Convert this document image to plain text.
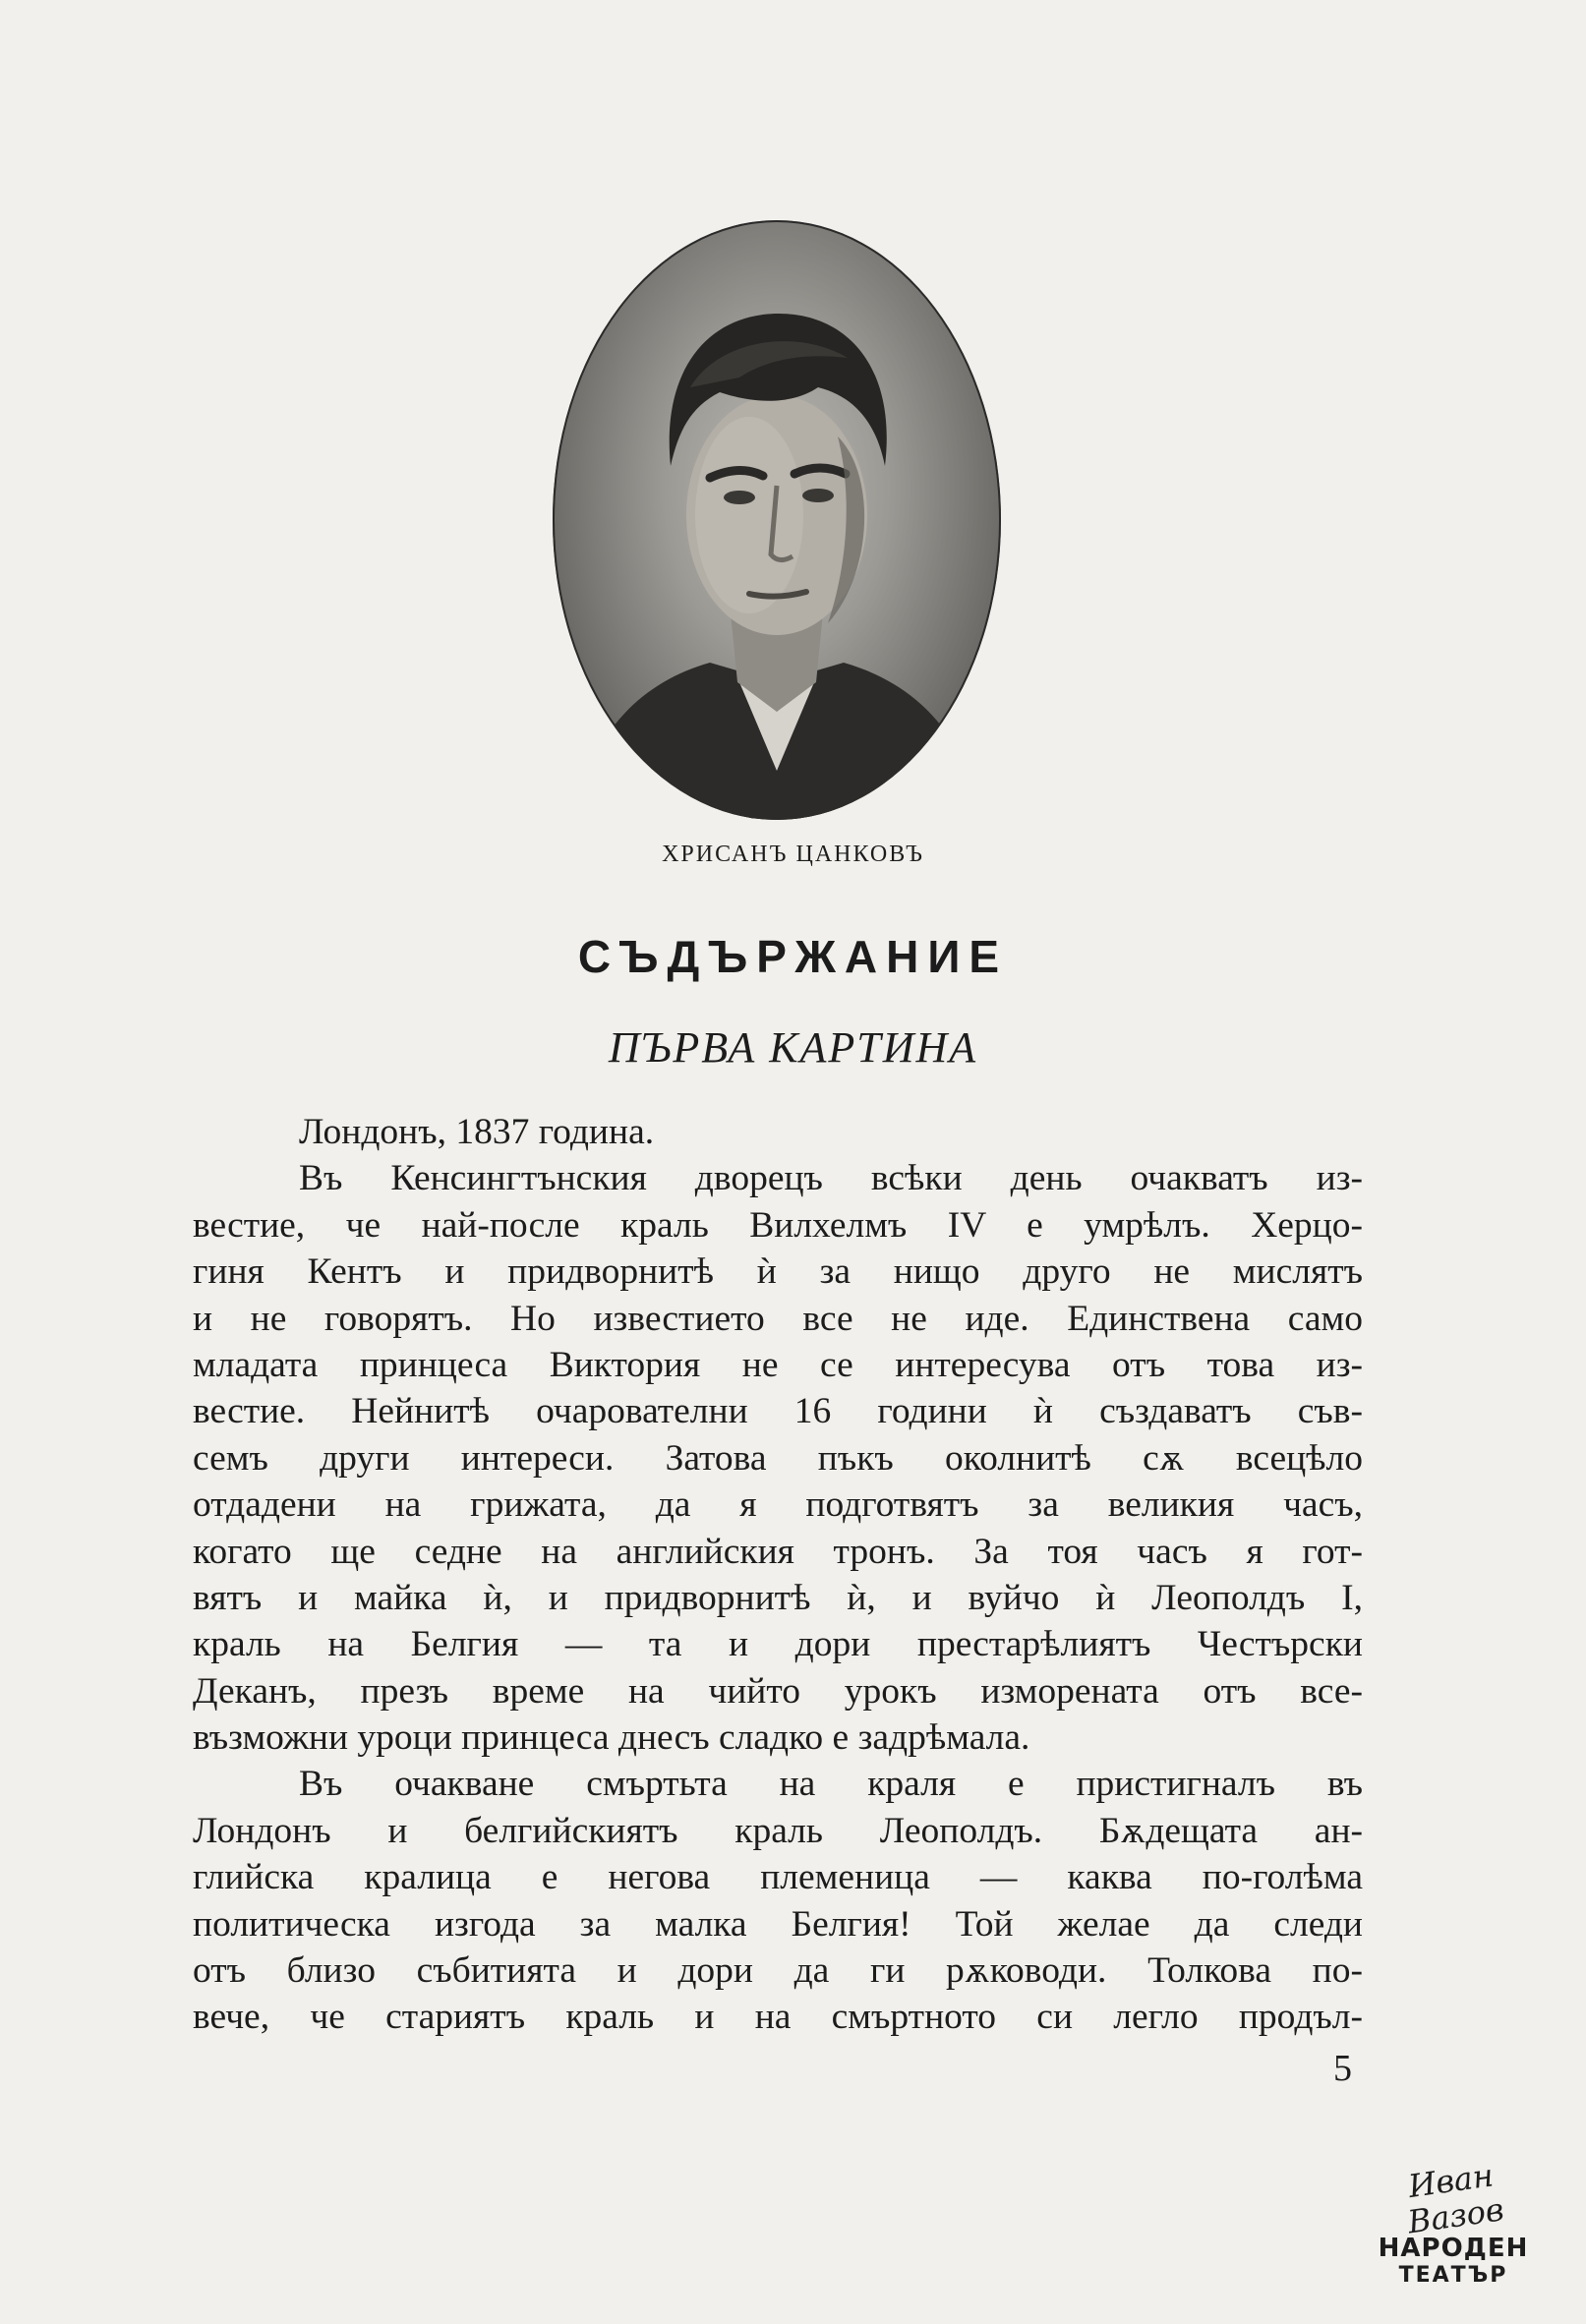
ХРИСАНЪ ЦАНКОВЪ
СЪДЪРЖАНИЕ
ПЪРВА КАРТИНА
Лондонъ, 1837 година.
Въ Кенсингтънския дворецъ всѣки день очакватъ из-
вестие, че най-после краль Вилхелмъ IV е умрѣлъ. Херцо-
гиня Кентъ и придворнитѣ ѝ за нищо друго не мислятъ
и не говорятъ. Но известието все не иде. Единствена само
младата принцеса Виктория не се интересува отъ това из-
вестие. Нейнитѣ очарователни 16 години ѝ създаватъ съв-
семъ други интереси. Затова пъкъ околнитѣ сѫ всецѣло
отдадени на грижата, да я подготвятъ за великия часъ,
когато ще седне на английския тронъ. За тоя часъ я гот-
вятъ и майка ѝ, и придворнитѣ ѝ, и вуйчо ѝ Леополдъ I,
краль на Белгия — та и дори престарѣлиятъ Честърски
Деканъ, презъ време на чийто урокъ изморената отъ все-
възможни уроци принцеса днесъ сладко е задрѣмала.
Въ очакване смъртьта на краля е пристигналъ въ
Лондонъ и белгийскиятъ краль Леополдъ. Бѫдещата ан-
глийска кралица е негова племеница — каква по-голѣма
политическа изгода за малка Белгия! Той желае да следи
отъ близо събитията и дори да ги рѫководи. Толкова по-
вече, че стариятъ краль и на смъртното си легло продъл-
5
Иван Вазов
НАРОДЕН
ТЕАТЪР
